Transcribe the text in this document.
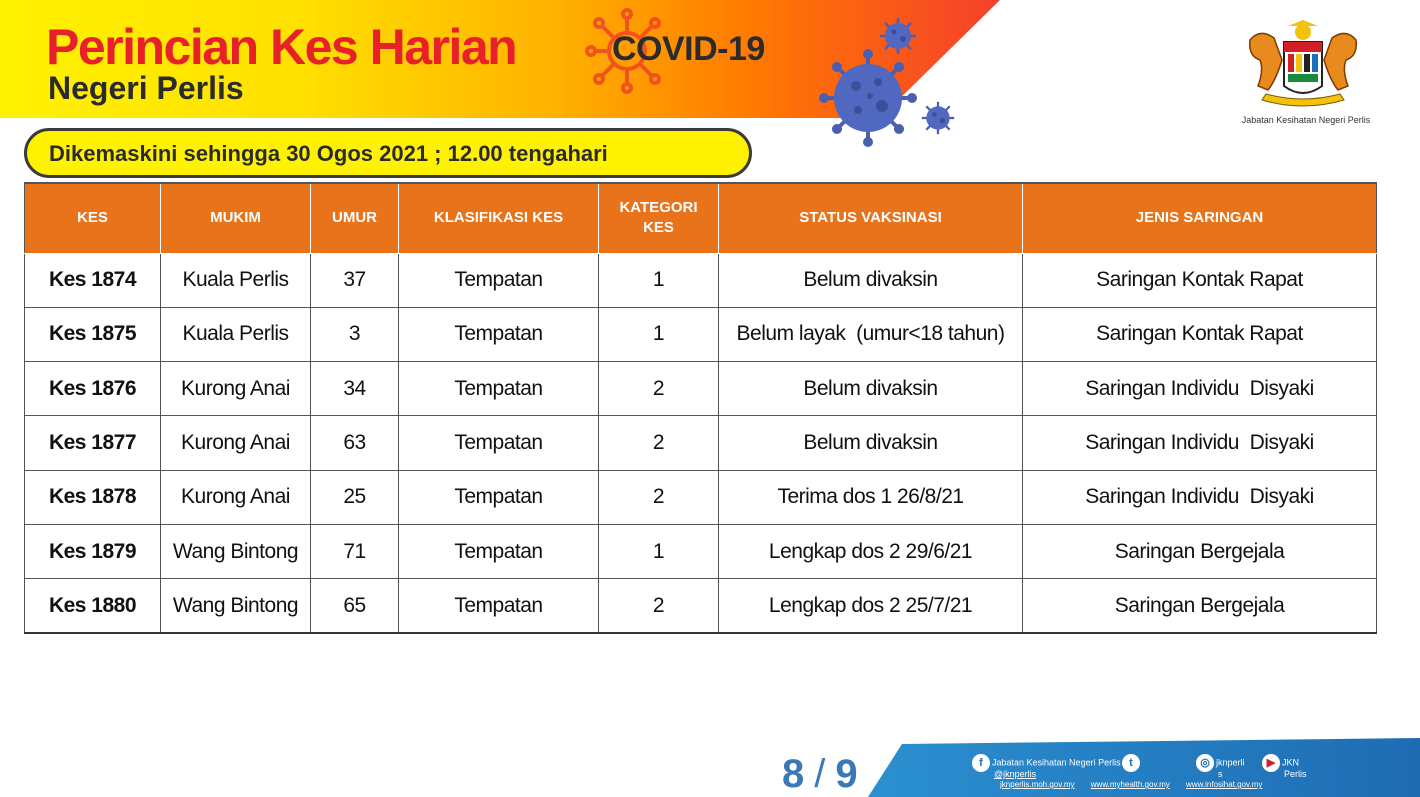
Perincian Kes Harian	COVID-19
Negeri Perlis
Jabatan Kesihatan Negeri Perlis
Dikemaskini sehingga 30 Ogos 2021 ; 12.00 tengahari
KES	MUKIM	UMUR	KLASIFIKASI KES	KATEGORI KES	STATUS VAKSINASI	JENIS SARINGAN
Kes 1874	Kuala Perlis	37	Tempatan	1	Belum divaksin	Saringan Kontak Rapat
Kes 1875	Kuala Perlis	3	Tempatan	1	Belum layak  (umur<18 tahun)	Saringan Kontak Rapat
Kes 1876	Kurong Anai	34	Tempatan	2	Belum divaksin	Saringan Individu  Disyaki
Kes 1877	Kurong Anai	63	Tempatan	2	Belum divaksin	Saringan Individu  Disyaki
Kes 1878	Kurong Anai	25	Tempatan	2	Terima dos 1 26/8/21	Saringan Individu  Disyaki
Kes 1879	Wang Bintong	71	Tempatan	1	Lengkap dos 2 29/6/21	Saringan Bergejala
Kes 1880	Wang Bintong	65	Tempatan	2	Lengkap dos 2 25/7/21	Saringan Bergejala
8 / 9	f Jabatan Kesihatan Negeri Perlis
@jknperlis
t	◎ jknperli
s
▶ JKN
Perlis
jknperlis.moh.gov.my www.myhealth.gov.my www.infosihat.gov.my
